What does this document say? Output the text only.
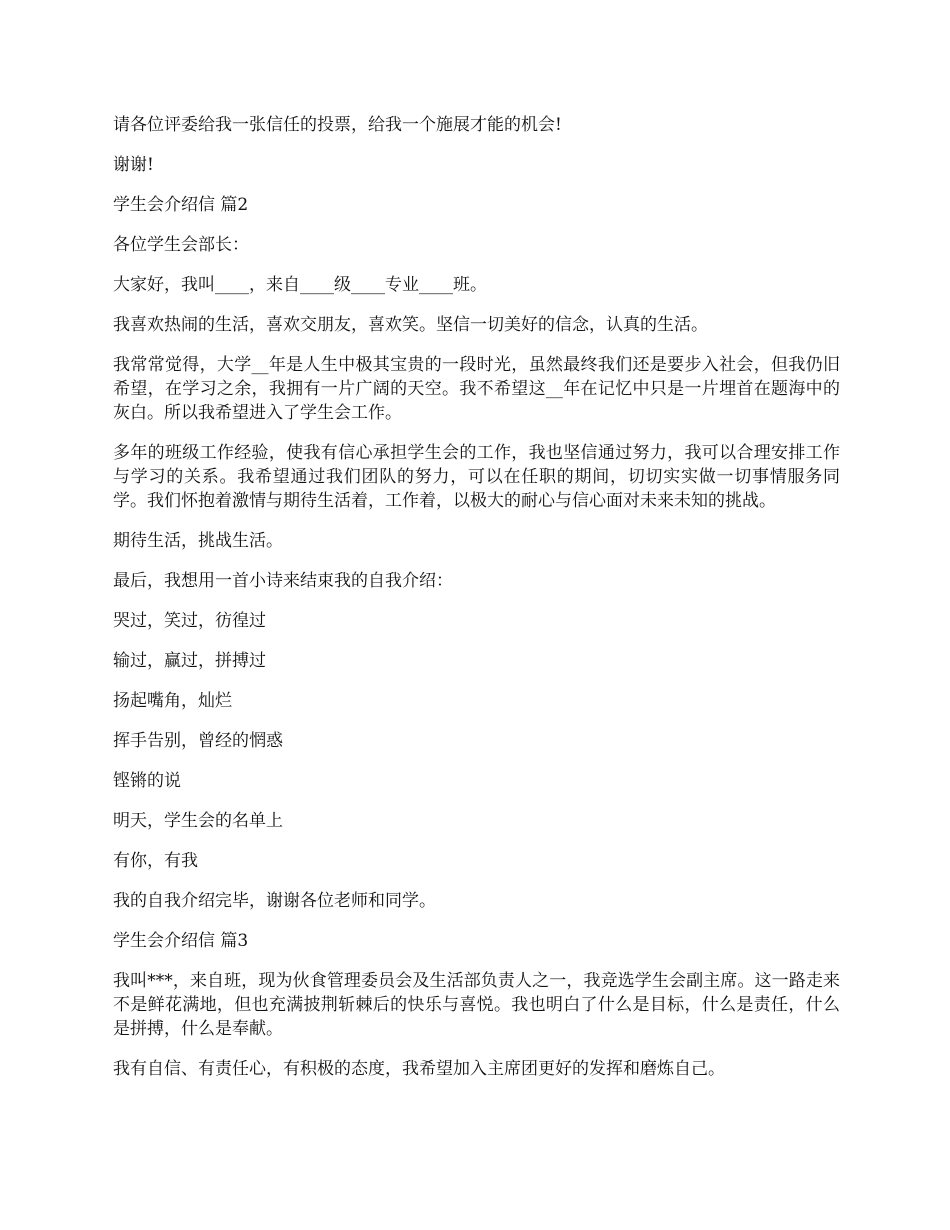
请各位评委给我一张信任的投票，给我一个施展才能的机会!

谢谢!

学生会介绍信 篇2

各位学生会部长：

大家好，我叫____，来自____级____专业____班。

我喜欢热闹的生活，喜欢交朋友，喜欢笑。坚信一切美好的信念，认真的生活。

我常常觉得，大学__年是人生中极其宝贵的一段时光，虽然最终我们还是要步入社会，但我仍旧希望，在学习之余，我拥有一片广阔的天空。我不希望这__年在记忆中只是一片埋首在题海中的灰白。所以我希望进入了学生会工作。

多年的班级工作经验，使我有信心承担学生会的工作，我也坚信通过努力，我可以合理安排工作与学习的关系。我希望通过我们团队的努力，可以在任职的期间，切切实实做一切事情服务同学。我们怀抱着激情与期待生活着，工作着，以极大的耐心与信心面对未来未知的挑战。

期待生活，挑战生活。

最后，我想用一首小诗来结束我的自我介绍：

哭过，笑过，彷徨过

输过，赢过，拼搏过

扬起嘴角，灿烂

挥手告别，曾经的惘惑

铿锵的说

明天，学生会的名单上

有你，有我

我的自我介绍完毕，谢谢各位老师和同学。

学生会介绍信 篇3

我叫***，来自班，现为伙食管理委员会及生活部负责人之一，我竞选学生会副主席。这一路走来不是鲜花满地，但也充满披荆斩棘后的快乐与喜悦。我也明白了什么是目标，什么是责任，什么是拼搏，什么是奉献。

我有自信、有责任心，有积极的态度，我希望加入主席团更好的发挥和磨炼自己。
